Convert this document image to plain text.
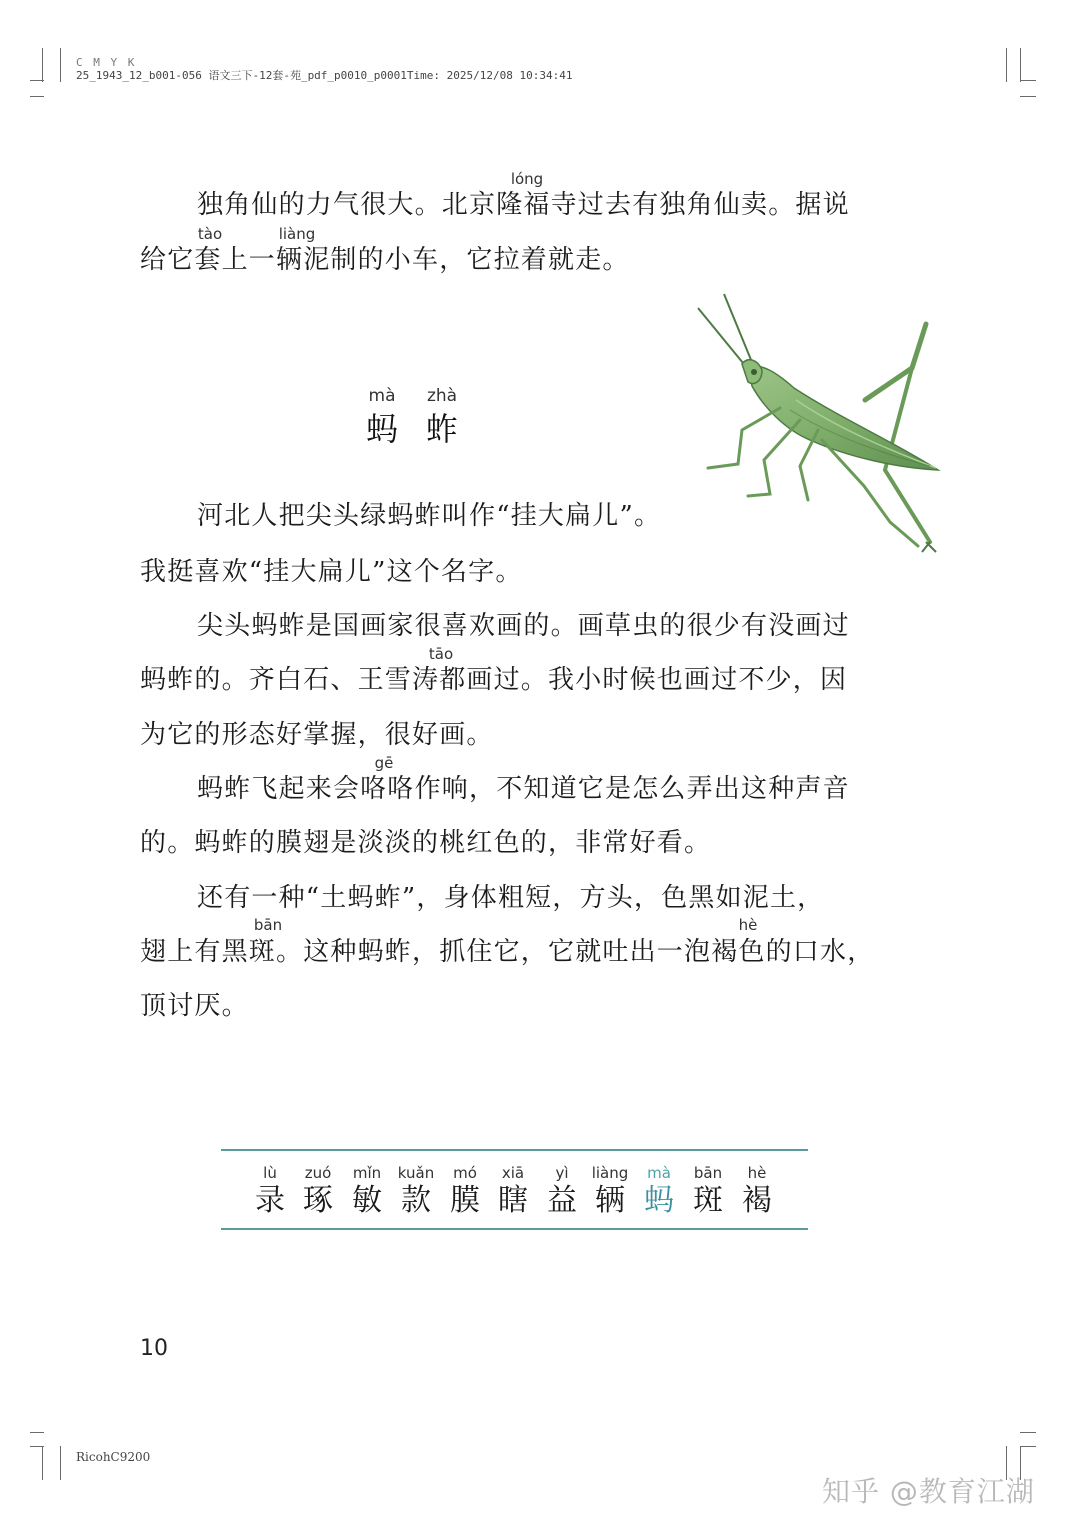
C M Y K
25_1943_12_b001-056 语文三下-12套-苑_pdf_p0010_p0001Time: 2025/12/08 10:34:41
lóng
独角仙的力气很大。北京隆福寺过去有独角仙卖。据说
tào	liàng
给它套上一辆泥制的小车，它拉着就走。
mà zhà
蚂 蚱
河北人把尖头绿蚂蚱叫作“挂大扁儿”。
我挺喜欢“挂大扁儿”这个名字。
尖头蚂蚱是国画家很喜欢画的。画草虫的很少有没画过
tāo
蚂蚱的。齐白石、王雪涛都画过。我小时候也画过不少，因
为它的形态好掌握，很好画。
gē
蚂蚱飞起来会咯咯作响，不知道它是怎么弄出这种声音
的。蚂蚱的膜翅是淡淡的桃红色的，非常好看。
还有一种“土蚂蚱”，身体粗短，方头，色黑如泥土，
bān	hè
翅上有黑斑。这种蚂蚱，抓住它，它就吐出一泡褐色的口水，
顶讨厌。
lù
录
zuó
琢
mǐn
敏
kuǎn
款
mó
膜
xiā
瞎
yì
益
liàng
辆
mà
蚂
bān
斑
hè
褐
10
RicohC9200
知乎 @教育江湖
